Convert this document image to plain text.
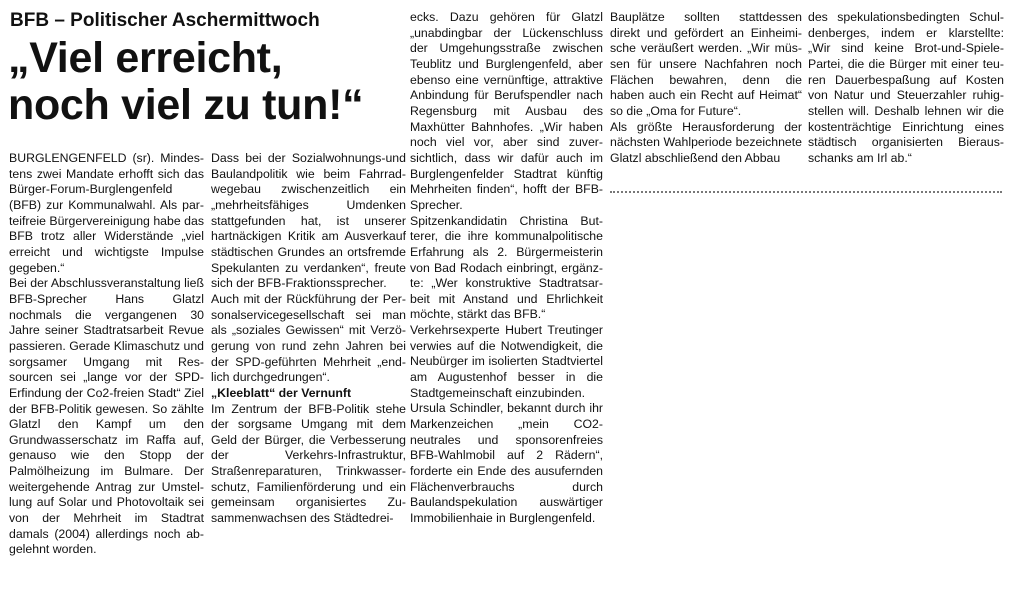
BFB – Politischer Aschermittwoch
„Viel erreicht,
noch viel zu tun!“

BURGLENGENFELD (sr). Mindestens zwei Mandate erhofft sich das Bürger-Forum-Burglengenfeld (BFB) zur Kommunalwahl. Als parteifreie Bürgervereinigung habe das BFB trotz aller Widerstände „viel erreicht und wichtigste Impulse gegeben.“

Bei der Abschlussveranstaltung ließ BFB-Sprecher Hans Glatzl nochmals die vergangenen 30 Jahre seiner Stadtratsarbeit Revue passieren. Gerade Klimaschutz und sorgsamer Umgang mit Ressourcen sei „lange vor der SPD-Erfindung der Co2-freien Stadt“ Ziel der BFB-Politik gewesen. So zählte Glatzl den Kampf um den Grundwasserschatz im Raffa auf, genauso wie den Stopp der Palmölheizung im Bulmare. Der weitergehende Antrag zur Umstellung auf Solar und Photovoltaik sei von der Mehrheit im Stadtrat damals (2004) allerdings noch abgelehnt worden.

Dass bei der Sozialwohnungs-und Baulandpolitik wie beim Fahrradwegebau zwischenzeitlich ein „mehrheitsfähiges Umdenken stattgefunden hat, ist unserer hartnäckigen Kritik am Ausverkauf städtischen Grundes an ortsfremde Spekulanten zu verdanken“, freute sich der BFB-Fraktionssprecher.

Auch mit der Rückführung der Personalservicegesellschaft sei man als „soziales Gewissen“ mit Verzögerung von rund zehn Jahren bei der SPD-geführten Mehrheit „endlich durchgedrungen“.

„Kleeblatt“ der Vernunft

Im Zentrum der BFB-Politik stehe der sorgsame Umgang mit dem Geld der Bürger, die Verbesserung der Verkehrs-Infrastruktur, Straßenreparaturen, Trinkwasserschutz, Familienförderung und ein gemeinsam organisiertes Zusammenwachsen des Städtedrei-

ecks. Dazu gehören für Glatzl „unabdingbar der Lückenschluss der Umgehungsstraße zwischen Teublitz und Burglengenfeld, aber ebenso eine vernünftige, attraktive Anbindung für Berufspendler nach Regensburg mit Ausbau des Maxhütter Bahnhofes. „Wir haben noch viel vor, aber sind zuversichtlich, dass wir dafür auch im Burglengenfelder Stadtrat künftig Mehrheiten finden“, hofft der BFB-Sprecher.

Spitzenkandidatin Christina Butterer, die ihre kommunalpolitische Erfahrung als 2. Bürgermeisterin von Bad Rodach einbringt, ergänzte: „Wer konstruktive Stadtratsarbeit mit Anstand und Ehrlichkeit möchte, stärkt das BFB.“

Verkehrsexperte Hubert Treutinger verwies auf die Notwendigkeit, die Neubürger im isolierten Stadtviertel am Augustenhof besser in die Stadtgemeinschaft einzubinden.

Ursula Schindler, bekannt durch ihr Markenzeichen „mein CO2-neutrales und sponsorenfreies BFB-Wahlmobil auf 2 Rädern“, forderte ein Ende des ausufernden Flächenverbrauchs durch Baulandspekulation auswärtiger Immobilienhaie in Burglengenfeld.

Bauplätze sollten stattdessen direkt und gefördert an Einheimische veräußert werden. „Wir müssen für unsere Nachfahren noch Flächen bewahren, denn die haben auch ein Recht auf Heimat“ so die „Oma for Future“.

Als größte Herausforderung der nächsten Wahlperiode bezeichnete Glatzl abschließend den Abbau

des spekulationsbedingten Schuldenberges, indem er klarstellte: „Wir sind keine Brot-und-Spiele-Partei, die die Bürger mit einer teuren Dauerbespaßung auf Kosten von Natur und Steuerzahler ruhigstellen will. Deshalb lehnen wir die kostenträchtige Einrichtung eines städtisch organisierten Bierausschanks am Irl ab.“
